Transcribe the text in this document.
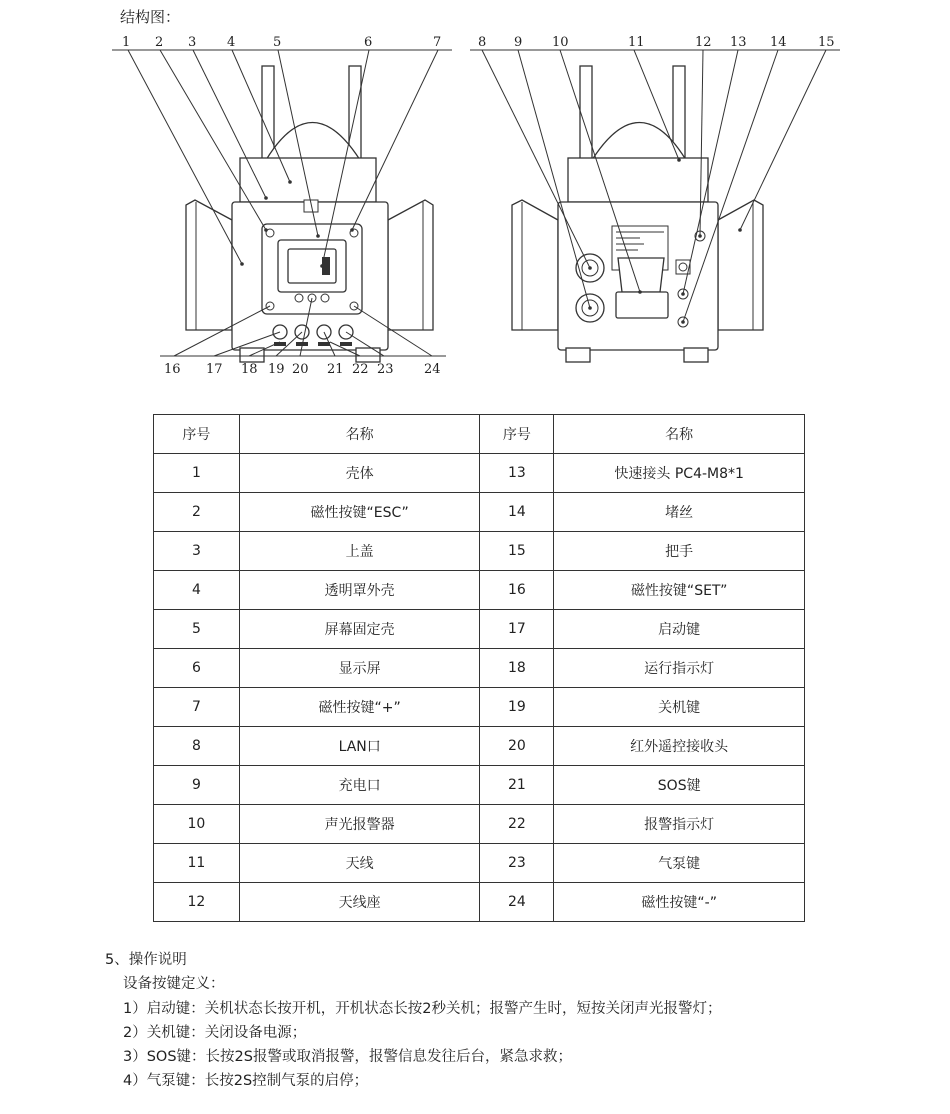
结构图：
1 2 3 4	5	6	7	8 9 10	11	12 13 14 15
16 17 18 19 20 21 22 23 24
序号	名称	序号	名称
1	壳体	13	快速接头 PC4-M8*1
2	磁性按键“ESC”	14	堵丝
3	上盖	15	把手
4	透明罩外壳	16	磁性按键“SET”
5	屏幕固定壳	17	启动键
6	显示屏	18	运行指示灯
7	磁性按键“+”	19	关机键
8	LAN口	20	红外遥控接收头
9	充电口	21	SOS键
10	声光报警器	22	报警指示灯
11	天线	23	气泵键
12	天线座	24	磁性按键“-”
5、操作说明
设备按键定义：
1）启动键：关机状态长按开机，开机状态长按2秒关机；报警产生时，短按关闭声光报警灯；
2）关机键：关闭设备电源；
3）SOS键：长按2S报警或取消报警，报警信息发往后台，紧急求救；
4）气泵键：长按2S控制气泵的启停；
